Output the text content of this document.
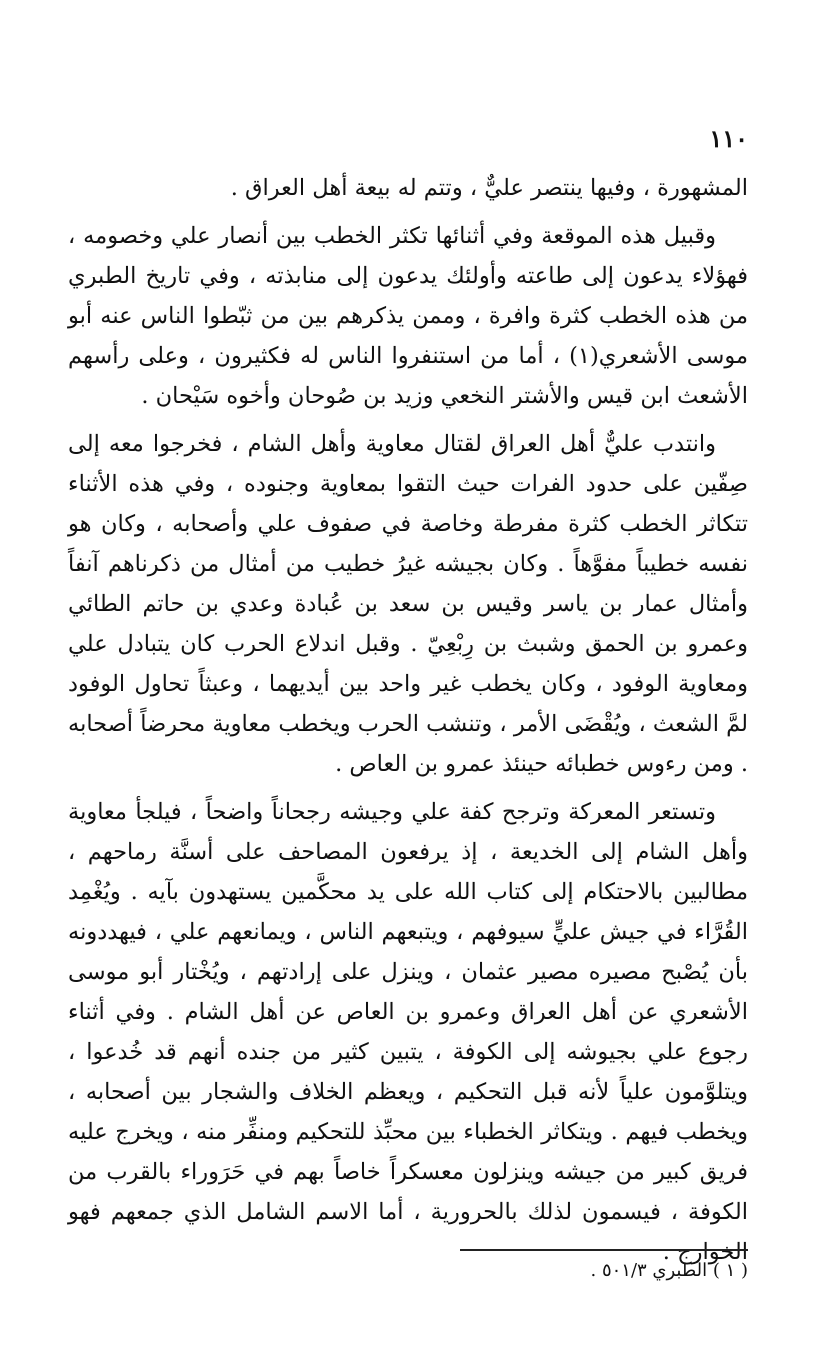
١١٠

المشهورة ، وفيها ينتصر عليٌّ ، وتتم له بيعة أهل العراق .

وقبيل هذه الموقعة وفي أثنائها تكثر الخطب بين أنصار علي وخصومه ، فهؤلاء يدعون إلى طاعته وأولئك يدعون إلى منابذته ، وفي تاريخ الطبري من هذه الخطب كثرة وافرة ، وممن يذكرهم بين من ثبّطوا الناس عنه أبو موسى الأشعري(١) ، أما من استنفروا الناس له فكثيرون ، وعلى رأسهم الأشعث ابن قيس والأشتر النخعي وزيد بن صُوحان وأخوه سَيْحان .

وانتدب عليٌّ أهل العراق لقتال معاوية وأهل الشام ، فخرجوا معه إلى صِفّين على حدود الفرات حيث التقوا بمعاوية وجنوده ، وفي هذه الأثناء تتكاثر الخطب كثرة مفرطة وخاصة في صفوف علي وأصحابه ، وكان هو نفسه خطيباً مفوَّهاً . وكان بجيشه غيرُ خطيب من أمثال من ذكرناهم آنفاً وأمثال عمار بن ياسر وقيس بن سعد بن عُبادة وعدي بن حاتم الطائي وعمرو بن الحمق وشبث بن رِبْعِيّ . وقبل اندلاع الحرب كان يتبادل علي ومعاوية الوفود ، وكان يخطب غير واحد بين أيديهما ، وعبثاً تحاول الوفود لمَّ الشعث ، ويُقْضَى الأمر ، وتنشب الحرب ويخطب معاوية محرضاً أصحابه . ومن رءوس خطبائه حينئذ عمرو بن العاص .

وتستعر المعركة وترجح كفة علي وجيشه رجحاناً واضحاً ، فيلجأ معاوية وأهل الشام إلى الخديعة ، إذ يرفعون المصاحف على أسنَّة رماحهم ، مطالبين بالاحتكام إلى كتاب الله على يد محكَّمين يستهدون بآيه . ويُغْمِد القُرَّاء في جيش عليٍّ سيوفهم ، ويتبعهم الناس ، ويمانعهم علي ، فيهددونه بأن يُصْبح مصيره مصير عثمان ، وينزل على إرادتهم ، ويُخْتار أبو موسى الأشعري عن أهل العراق وعمرو بن العاص عن أهل الشام . وفي أثناء رجوع علي بجيوشه إلى الكوفة ، يتبين كثير من جنده أنهم قد خُدعوا ، ويتلوَّمون علياً لأنه قبل التحكيم ، ويعظم الخلاف والشجار بين أصحابه ، ويخطب فيهم . ويتكاثر الخطباء بين محبِّذ للتحكيم ومنفِّر منه ، ويخرج عليه فريق كبير من جيشه وينزلون معسكراً خاصاً بهم في حَرَوراء بالقرب من الكوفة ، فيسمون لذلك بالحرورية ، أما الاسم الشامل الذي جمعهم فهو الخوارج .

( ١ ) الطبري ٥٠١/٣ .
